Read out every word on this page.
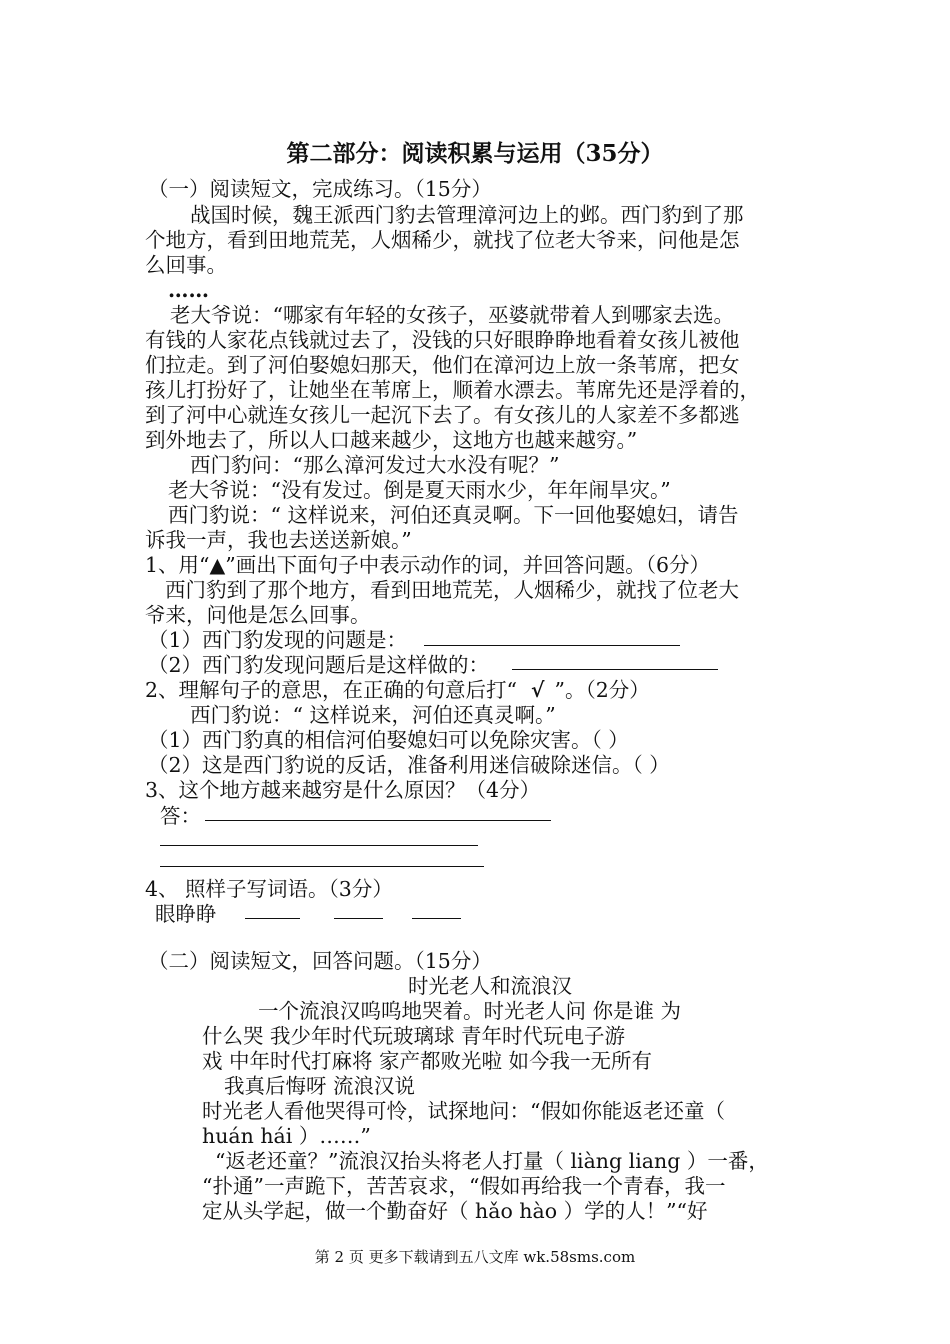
第二部分：阅读积累与运用（35分）
（一）阅读短文，完成练习。（15分）
战国时候，魏王派西门豹去管理漳河边上的邺。西门豹到了那
个地方，看到田地荒芜，人烟稀少，就找了位老大爷来，问他是怎
么回事。
……
老大爷说：“哪家有年轻的女孩子，巫婆就带着人到哪家去选。
有钱的人家花点钱就过去了，没钱的只好眼睁睁地看着女孩儿被他
们拉走。到了河伯娶媳妇那天，他们在漳河边上放一条苇席，把女
孩儿打扮好了，让她坐在苇席上，顺着水漂去。苇席先还是浮着的，
到了河中心就连女孩儿一起沉下去了。有女孩儿的人家差不多都逃
到外地去了，所以人口越来越少，这地方也越来越穷。”
西门豹问：“那么漳河发过大水没有呢？”
老大爷说：“没有发过。倒是夏天雨水少，年年闹旱灾。”
西门豹说：“ 这样说来，河伯还真灵啊。下一回他娶媳妇，请告
诉我一声，我也去送送新娘。”
1、用“▲”画出下面句子中表示动作的词，并回答问题。（6分）
西门豹到了那个地方，看到田地荒芜，人烟稀少，就找了位老大
爷来，问他是怎么回事。
（1）西门豹发现的问题是：
（2）西门豹发现问题后是这样做的：
2、理解句子的意思，在正确的句意后打“ √ ”。（2分）
西门豹说：“ 这样说来，河伯还真灵啊。”
（1）西门豹真的相信河伯娶媳妇可以免除灾害。（ ）
（2）这是西门豹说的反话，准备利用迷信破除迷信。（ ）
3、这个地方越来越穷是什么原因？（4分）
答：
4、 照样子写词语。（3分）
眼睁睁
（二）阅读短文，回答问题。（15分）
时光老人和流浪汉
一个流浪汉呜呜地哭着。时光老人问 你是谁 为
什么哭 我少年时代玩玻璃球 青年时代玩电子游
戏 中年时代打麻将 家产都败光啦 如今我一无所有
我真后悔呀 流浪汉说
时光老人看他哭得可怜，试探地问：“假如你能返老还童（
huán hái ）……”
“返老还童？”流浪汉抬头将老人打量（ liàng liang ）一番，
“扑通”一声跪下，苦苦哀求，“假如再给我一个青春，我一
定从头学起，做一个勤奋好（ hǎo hào ）学的人！”“好
第 2 页 更多下载请到五八文库 wk.58sms.com
